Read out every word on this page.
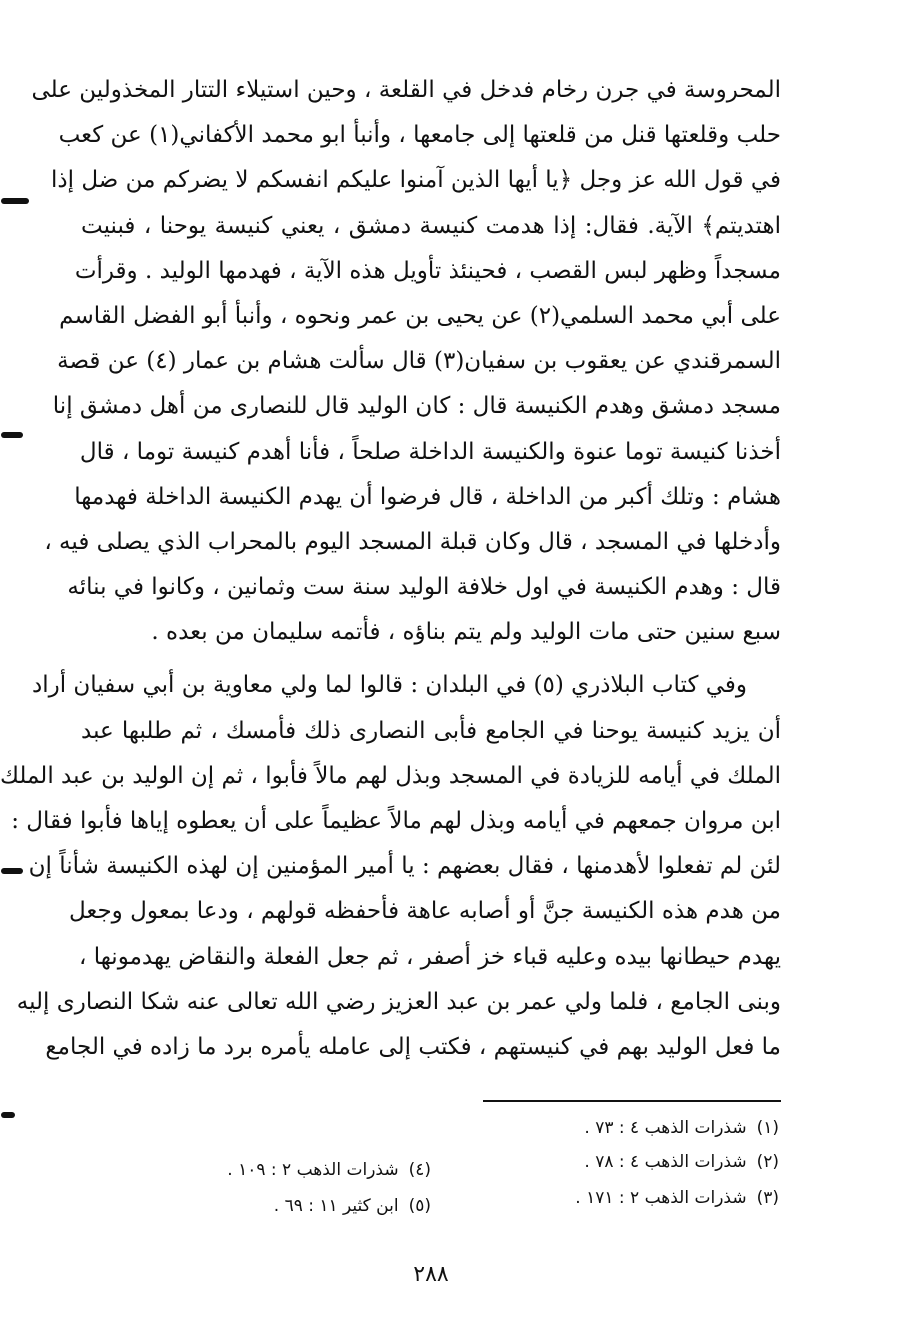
المحروسة في جرن رخام فدخل في القلعة ، وحين استيلاء التتار المخذولين على
حلب وقلعتها قنل من قلعتها إلى جامعها ، وأنبأ ابو محمد الأكفاني(١) عن كعب
في قول الله عز وجل ﴿يا أيها الذين آمنوا عليكم انفسكم لا يضركم من ضل إذا
اهتديتم﴾ الآية. فقال: إذا هدمت كنيسة دمشق ، يعني كنيسة يوحنا ، فبنيت
مسجداً وظهر لبس القصب ، فحينئذ تأويل هذه الآية ، فهدمها الوليد . وقرأت
على أبي محمد السلمي(٢) عن يحيى بن عمر ونحوه ، وأنبأ أبو الفضل القاسم
السمرقندي عن يعقوب بن سفيان(٣) قال سألت هشام بن عمار (٤) عن قصة
مسجد دمشق وهدم الكنيسة قال : كان الوليد قال للنصارى من أهل دمشق إنا
أخذنا كنيسة توما عنوة والكنيسة الداخلة صلحاً ، فأنا أهدم كنيسة توما ، قال
هشام : وتلك أكبر من الداخلة ، قال فرضوا أن يهدم الكنيسة الداخلة فهدمها
وأدخلها في المسجد ، قال وكان قبلة المسجد اليوم بالمحراب الذي يصلى فيه ،
قال : وهدم الكنيسة في اول خلافة الوليد سنة ست وثمانين ، وكانوا في بنائه
سبع سنين حتى مات الوليد ولم يتم بناؤه ، فأتمه سليمان من بعده .
وفي كتاب البلاذري (٥) في البلدان : قالوا لما ولي معاوية بن أبي سفيان أراد
أن يزيد كنيسة يوحنا في الجامع فأبى النصارى ذلك فأمسك ، ثم طلبها عبد
الملك في أيامه للزيادة في المسجد وبذل لهم مالاً فأبوا ، ثم إن الوليد بن عبد الملك
ابن مروان جمعهم في أيامه وبذل لهم مالاً عظيماً على أن يعطوه إياها فأبوا فقال :
لئن لم تفعلوا لأهدمنها ، فقال بعضهم : يا أمير المؤمنين إن لهذه الكنيسة شأناً إن
من هدم هذه الكنيسة جنَّ أو أصابه عاهة فأحفظه قولهم ، ودعا بمعول وجعل
يهدم حيطانها بيده وعليه قباء خز أصفر ، ثم جعل الفعلة والنقاض يهدمونها ،
وبنى الجامع ، فلما ولي عمر بن عبد العزيز رضي الله تعالى عنه شكا النصارى إليه
ما فعل الوليد بهم في كنيستهم ، فكتب إلى عامله يأمره برد ما زاده في الجامع
(١)شذرات الذهب ٤ : ٧٣ .
(٢)شذرات الذهب ٤ : ٧٨ .
(٣)شذرات الذهب ٢ : ١٧١ .
(٤)شذرات الذهب ٢ : ١٠٩ .
(٥)ابن كثير ١١ : ٦٩ .
٢٨٨
